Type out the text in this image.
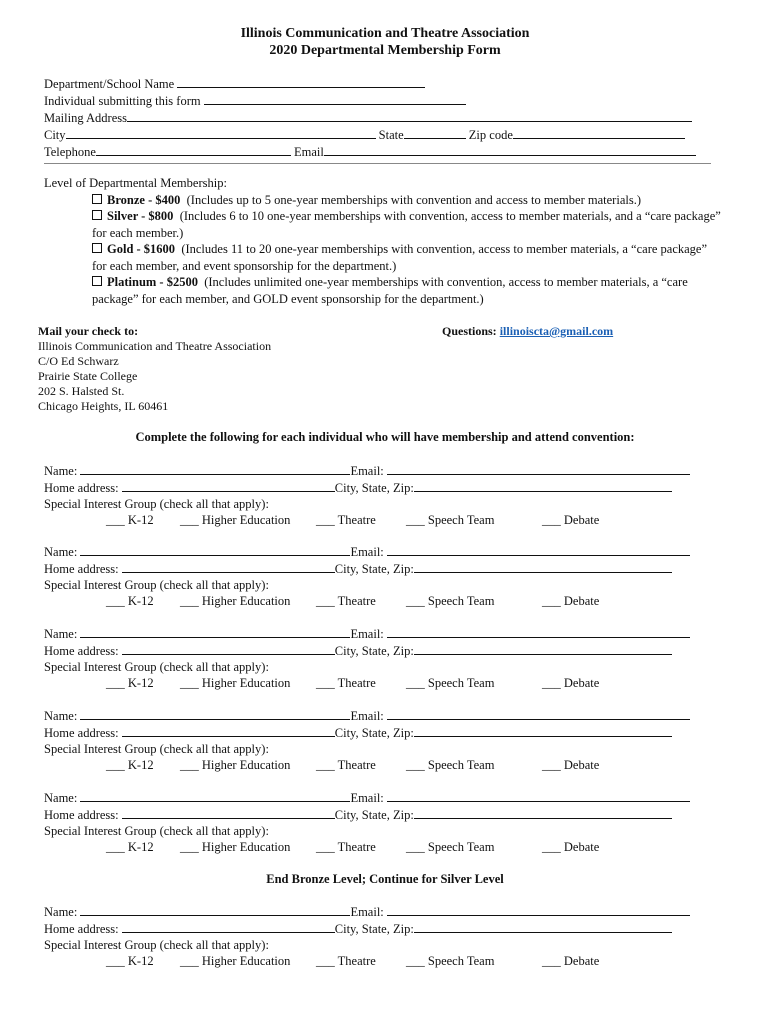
Illinois Communication and Theatre Association
2020 Departmental Membership Form
Department/School Name
Individual submitting this form
Mailing Address
City	State	Zip code
Telephone	Email
Level of Departmental Membership:
Bronze - $400 (Includes up to 5 one-year memberships with convention and access to member materials.)
Silver - $800 (Includes 6 to 10 one-year memberships with convention, access to member materials, and a “care package” for each member.)
Gold - $1600 (Includes 11 to 20 one-year memberships with convention, access to member materials, a “care package” for each member, and event sponsorship for the department.)
Platinum - $2500 (Includes unlimited one-year memberships with convention, access to member materials, a “care package” for each member, and GOLD event sponsorship for the department.)
Mail your check to:
Illinois Communication and Theatre Association
C/O Ed Schwarz
Prairie State College
202 S. Halsted St.
Chicago Heights, IL 60461
Questions: illinoiscta@gmail.com
Complete the following for each individual who will have membership and attend convention:
Name:	Email:
Home address:	City, State, Zip:
Special Interest Group (check all that apply):
___ K-12 ___ Higher Education ___ Theatre ___ Speech Team	___ Debate
Name:	Email:
Home address:	City, State, Zip:
Special Interest Group (check all that apply):
___ K-12 ___ Higher Education ___ Theatre ___ Speech Team	___ Debate
Name:	Email:
Home address:	City, State, Zip:
Special Interest Group (check all that apply):
___ K-12 ___ Higher Education ___ Theatre ___ Speech Team	___ Debate
Name:	Email:
Home address:	City, State, Zip:
Special Interest Group (check all that apply):
___ K-12 ___ Higher Education ___ Theatre ___ Speech Team	___ Debate
Name:	Email:
Home address:	City, State, Zip:
Special Interest Group (check all that apply):
___ K-12 ___ Higher Education ___ Theatre ___ Speech Team	___ Debate
Name:	Email:
Home address:	City, State, Zip:
Special Interest Group (check all that apply):
___ K-12 ___ Higher Education ___ Theatre ___ Speech Team	___ Debate
End Bronze Level; Continue for Silver Level
